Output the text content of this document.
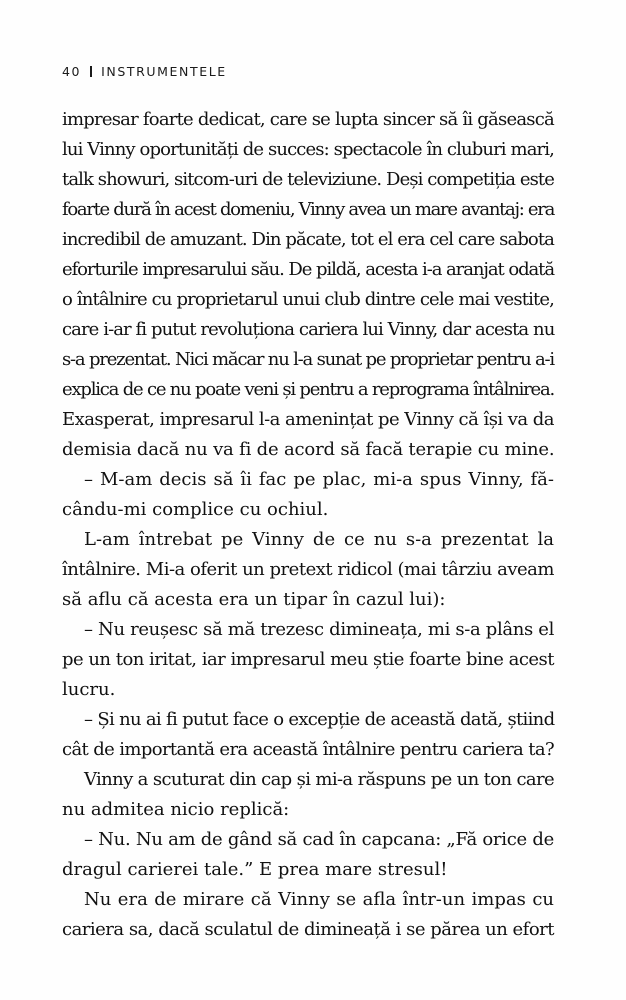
40 INSTRUMENTELE
impresar foarte dedicat, care se lupta sincer să îi găsească
lui Vinny oportunități de succes: spectacole în cluburi mari,
talk showuri, sitcom-uri de televiziune. Deși competiția este
foarte dură în acest domeniu, Vinny avea un mare avantaj: era
incredibil de amuzant. Din păcate, tot el era cel care sabota
eforturile impresarului său. De pildă, acesta i-a aranjat odată
o întâlnire cu proprietarul unui club dintre cele mai vestite,
care i-ar fi putut revoluționa cariera lui Vinny, dar acesta nu
s-a prezentat. Nici măcar nu l-a sunat pe proprietar pentru a-i
explica de ce nu poate veni și pentru a reprograma întâlnirea.
Exasperat, impresarul l-a amenințat pe Vinny că își va da
demisia dacă nu va fi de acord să facă terapie cu mine.
– M-am decis să îi fac pe plac, mi-a spus Vinny, fă-
cându-mi complice cu ochiul.
L-am întrebat pe Vinny de ce nu s-a prezentat la
întâlnire. Mi-a oferit un pretext ridicol (mai târziu aveam
să aflu că acesta era un tipar în cazul lui):
– Nu reușesc să mă trezesc dimineața, mi s-a plâns el
pe un ton iritat, iar impresarul meu știe foarte bine acest
lucru.
– Și nu ai fi putut face o excepție de această dată, știind
cât de importantă era această întâlnire pentru cariera ta?
Vinny a scuturat din cap și mi-a răspuns pe un ton care
nu admitea nicio replică:
– Nu. Nu am de gând să cad în capcana: „Fă orice de
dragul carierei tale.” E prea mare stresul!
Nu era de mirare că Vinny se afla într-un impas cu
cariera sa, dacă sculatul de dimineață i se părea un efort
